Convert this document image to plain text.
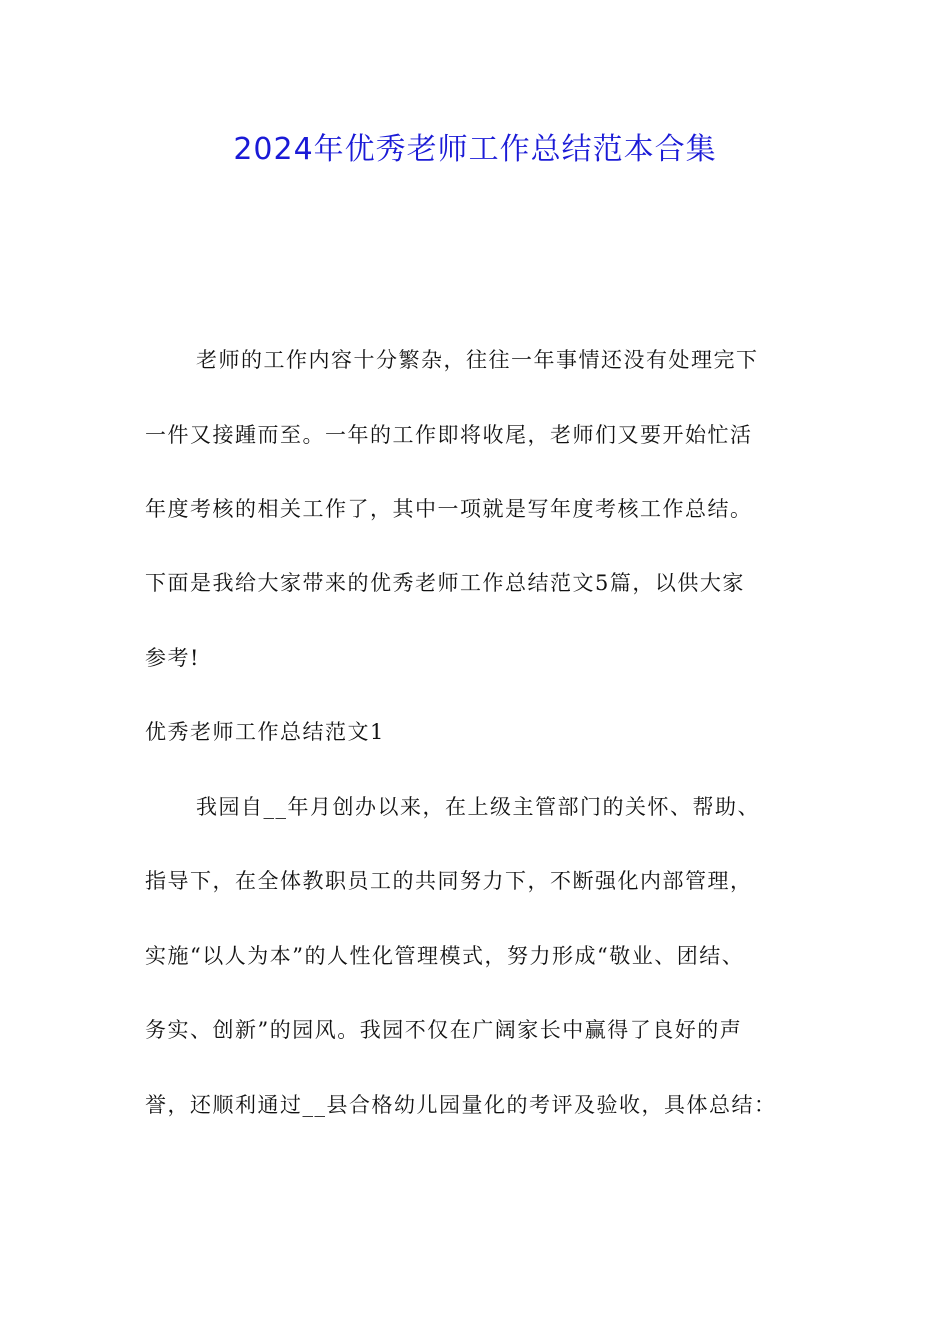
2024年优秀老师工作总结范本合集
老师的工作内容十分繁杂，往往一年事情还没有处理完下
一件又接踵而至。一年的工作即将收尾，老师们又要开始忙活
年度考核的相关工作了，其中一项就是写年度考核工作总结。
下面是我给大家带来的优秀老师工作总结范文5篇，以供大家
参考!
优秀老师工作总结范文1
我园自__年月创办以来，在上级主管部门的关怀、帮助、
指导下，在全体教职员工的共同努力下，不断强化内部管理，
实施“以人为本”的人性化管理模式，努力形成“敬业、团结、
务实、创新”的园风。我园不仅在广阔家长中赢得了良好的声
誉，还顺利通过__县合格幼儿园量化的考评及验收，具体总结：
